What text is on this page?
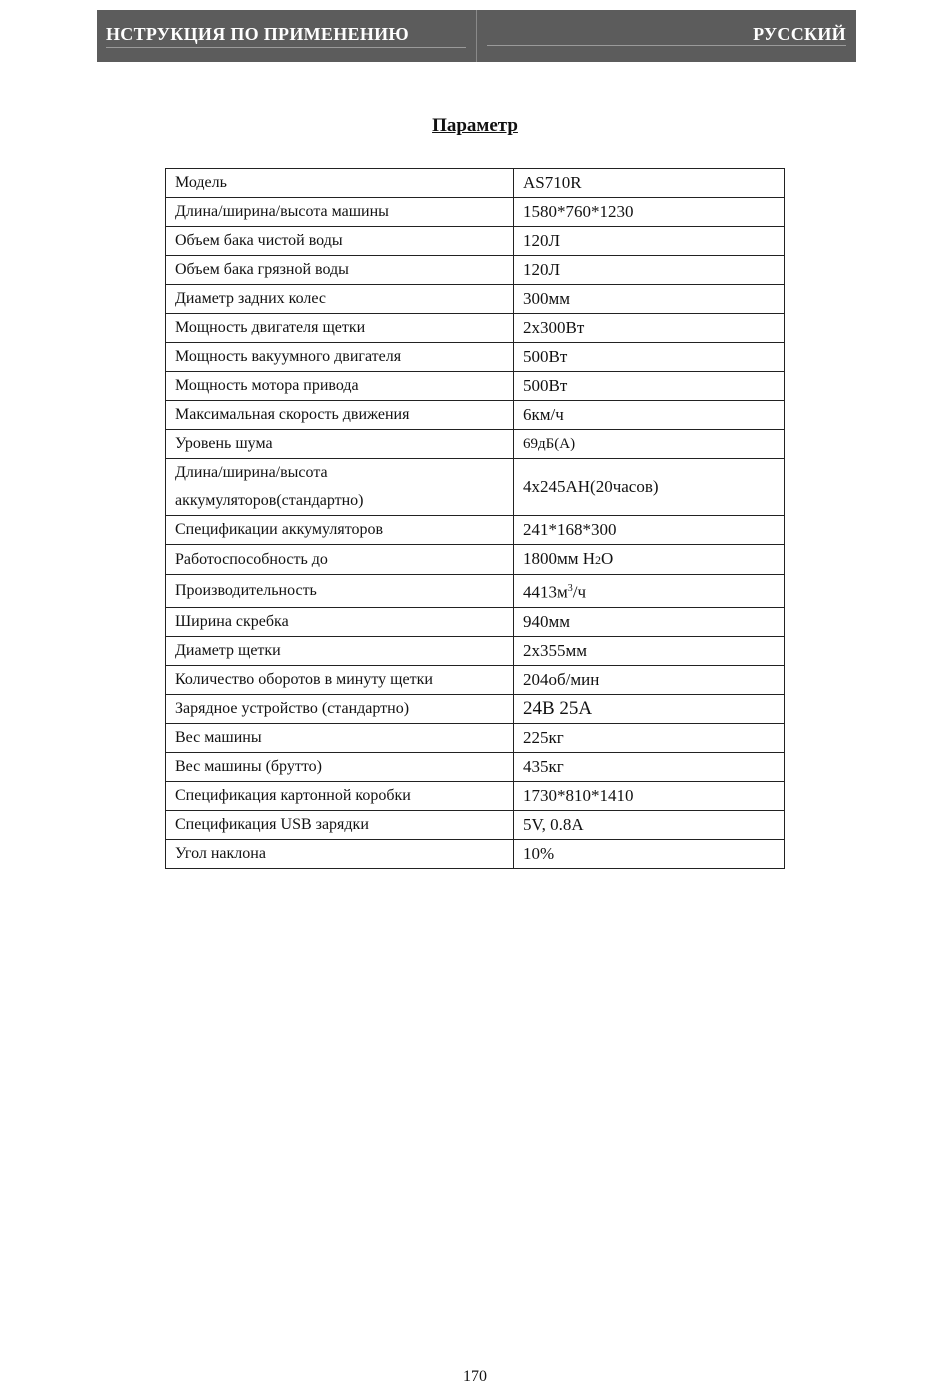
НСТРУКЦИЯ ПО ПРИМЕНЕНИЮ	РУССКИЙ
Параметр
Модель	AS710R
Длина/ширина/высота машины	1580*760*1230
Объем бака чистой воды	120Л
Объем бака грязной воды	120Л
Диаметр задних колес	300мм
Мощность двигателя щетки	2х300Вт
Мощность вакуумного двигателя	500Вт
Мощность мотора привода	500Вт
Максимальная скорость движения	6км/ч
Уровень шума	69дБ(A)

Длина/ширина/высота
аккумуляторов(стандартно)	4х245АН(20часов)
Спецификации аккумуляторов	241*168*300
Работоспособность до	1800мм H2O
Производительность	$4413м^3/ч$
Ширина скребка	940мм
Диаметр щетки	2х355мм
Количество оборотов в минуту щетки	204об/мин
Зарядное устройство (стандартно)	24В 25А
Вес машины	225кг
Вес машины (брутто)	435кг
Спецификация картонной коробки	1730*810*1410
Спецификация USB зарядки	5V, 0.8A
Угол наклона	10%
170
